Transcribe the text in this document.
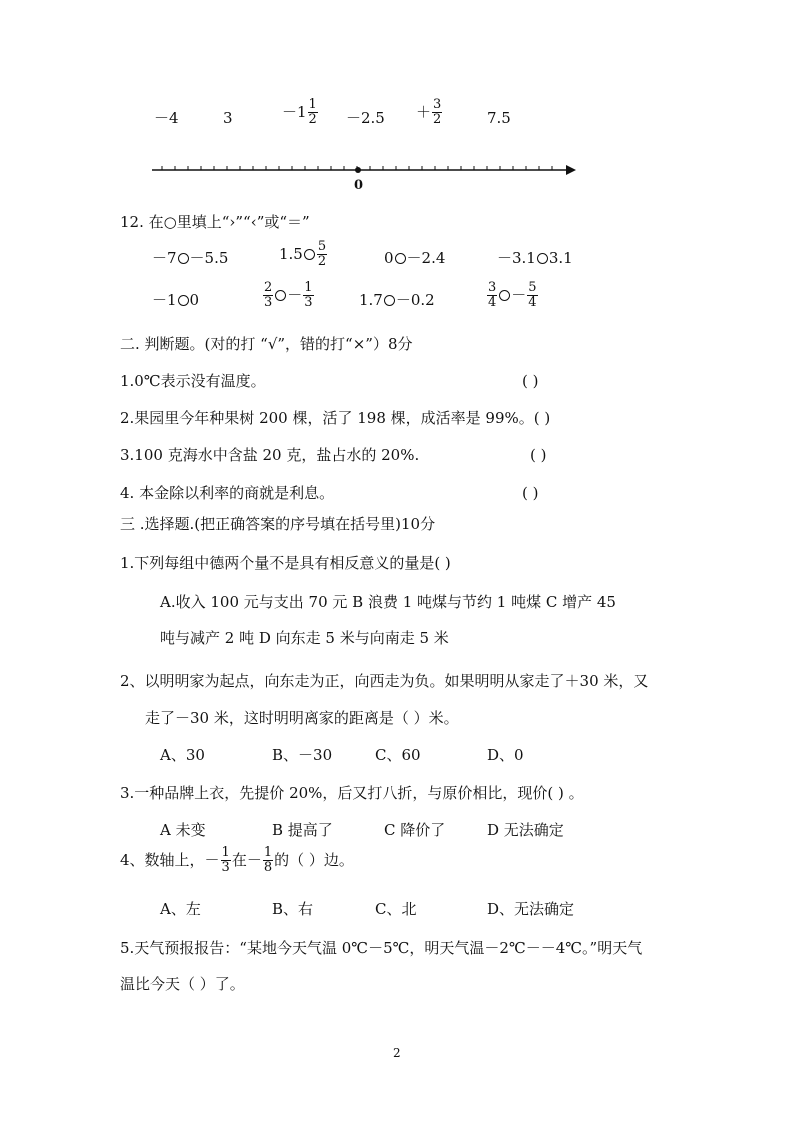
－4	3	$-1 \frac{1}{2} -2.5 + \frac{3}{2}$	7.5
0
12. 在○里填上“›”“‹”或“＝”
－7 －5.5	$1.5 \frac{5}{2}$	0 －2.4	－3.1 3.1
－1 0	$\frac{2}{3} - \frac{1}{3}$	1.7 －0.2	$\frac{3}{4} - \frac{5}{4}$
二. 判断题。(对的打 “√”，错的打“×”）8分
1.0℃表示没有温度。	( )
2.果园里今年种果树 200 棵，活了 198 棵，成活率是 99%。( )
3.100 克海水中含盐 20 克，盐占水的 20%.	( )
4. 本金除以利率的商就是利息。	( )
三 .选择题.(把正确答案的序号填在括号里)10分
1.下列每组中德两个量不是具有相反意义的量是( )
A.收入 100 元与支出 70 元 B 浪费 1 吨煤与节约 1 吨煤 C 增产 45
吨与减产 2 吨 D 向东走 5 米与向南走 5 米
2、以明明家为起点，向东走为正，向西走为负。如果明明从家走了＋30 米，又
走了－30 米，这时明明离家的距离是（ ）米。
A、30	B、－30	C、60	D、0
3.一种品牌上衣，先提价 20%，后又打八折，与原价相比，现价( ) 。
A 未变	B 提高了	C 降价了	D 无法确定
4、数轴上，－ $\frac{1}{3}$ 在－ $\frac{1}{8}$ 的（ ）边。
A、左	B、右	C、北	D、无法确定
5.天气预报报告：“某地今天气温 0℃－5℃，明天气温－2℃－－4℃。”明天气
温比今天（ ）了。
2
